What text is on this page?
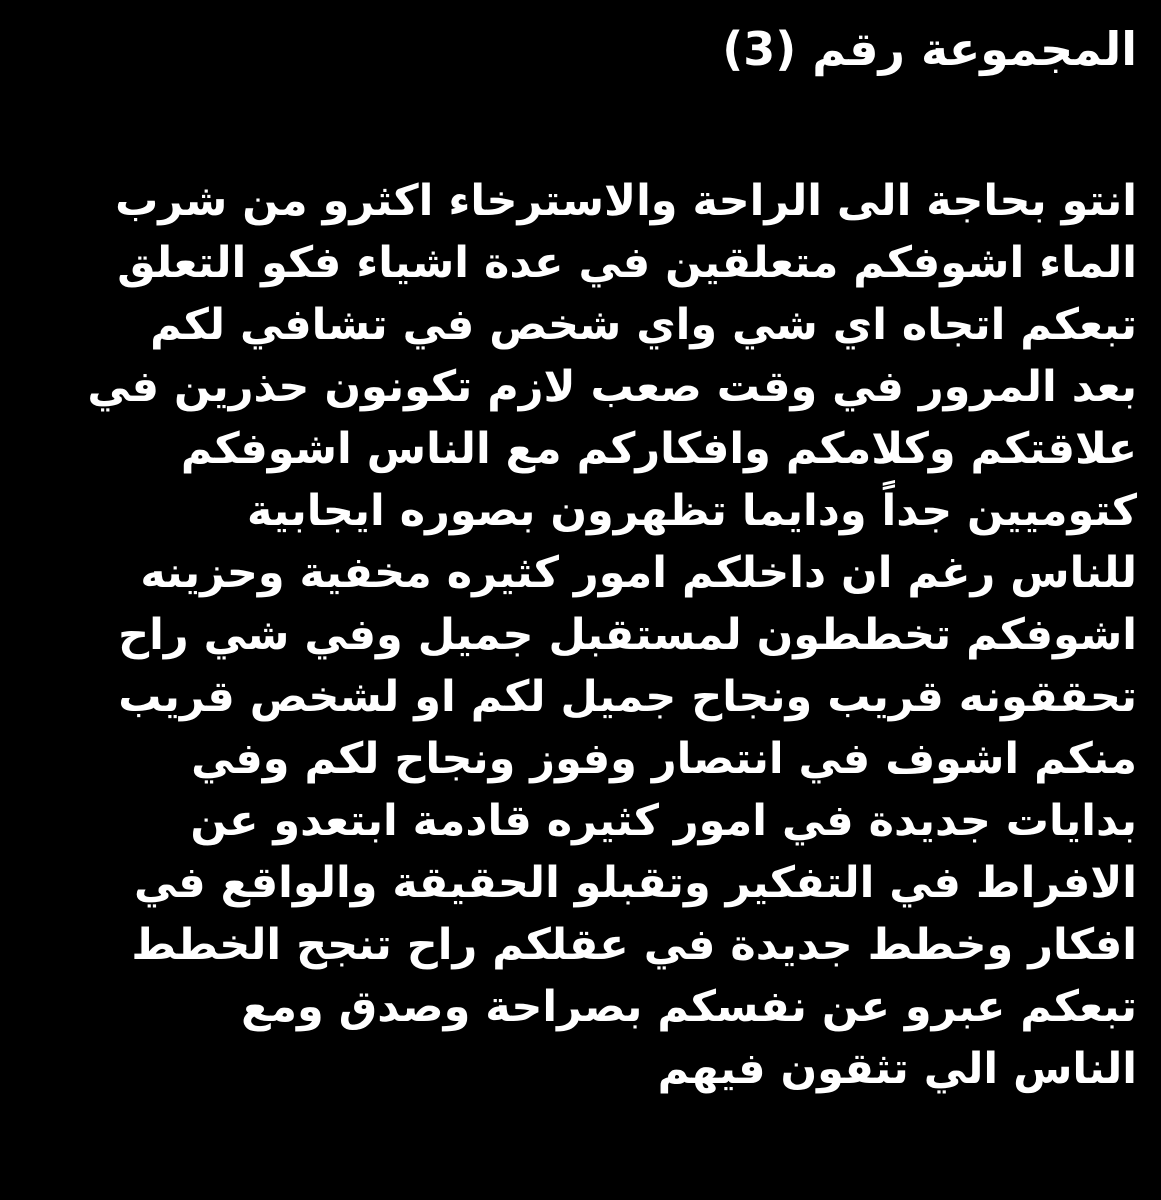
المجموعة رقم (3)
انتو بحاجة الى الراحة والاسترخاء اكثرو من شرب
الماء اشوفكم متعلقين في عدة اشياء فكو التعلق
تبعكم اتجاه اي شي واي شخص في تشافي لكم
بعد المرور في وقت صعب لازم تكونون حذرين في
علاقتكم وكلامكم وافكاركم مع الناس اشوفكم
كتوميين جداً ودايما تظهرون بصوره ايجابية
للناس رغم ان داخلكم امور كثيره مخفية وحزينه
اشوفكم تخططون لمستقبل جميل وفي شي راح
تحققونه قريب ونجاح جميل لكم او لشخص قريب
منكم اشوف في انتصار وفوز ونجاح لكم وفي
بدايات جديدة في امور كثيره قادمة ابتعدو عن
الافراط في التفكير وتقبلو الحقيقة والواقع في
افكار وخطط جديدة في عقلكم راح تنجح الخطط
تبعكم عبرو عن نفسكم بصراحة وصدق ومع
الناس الي تثقون فيهم
